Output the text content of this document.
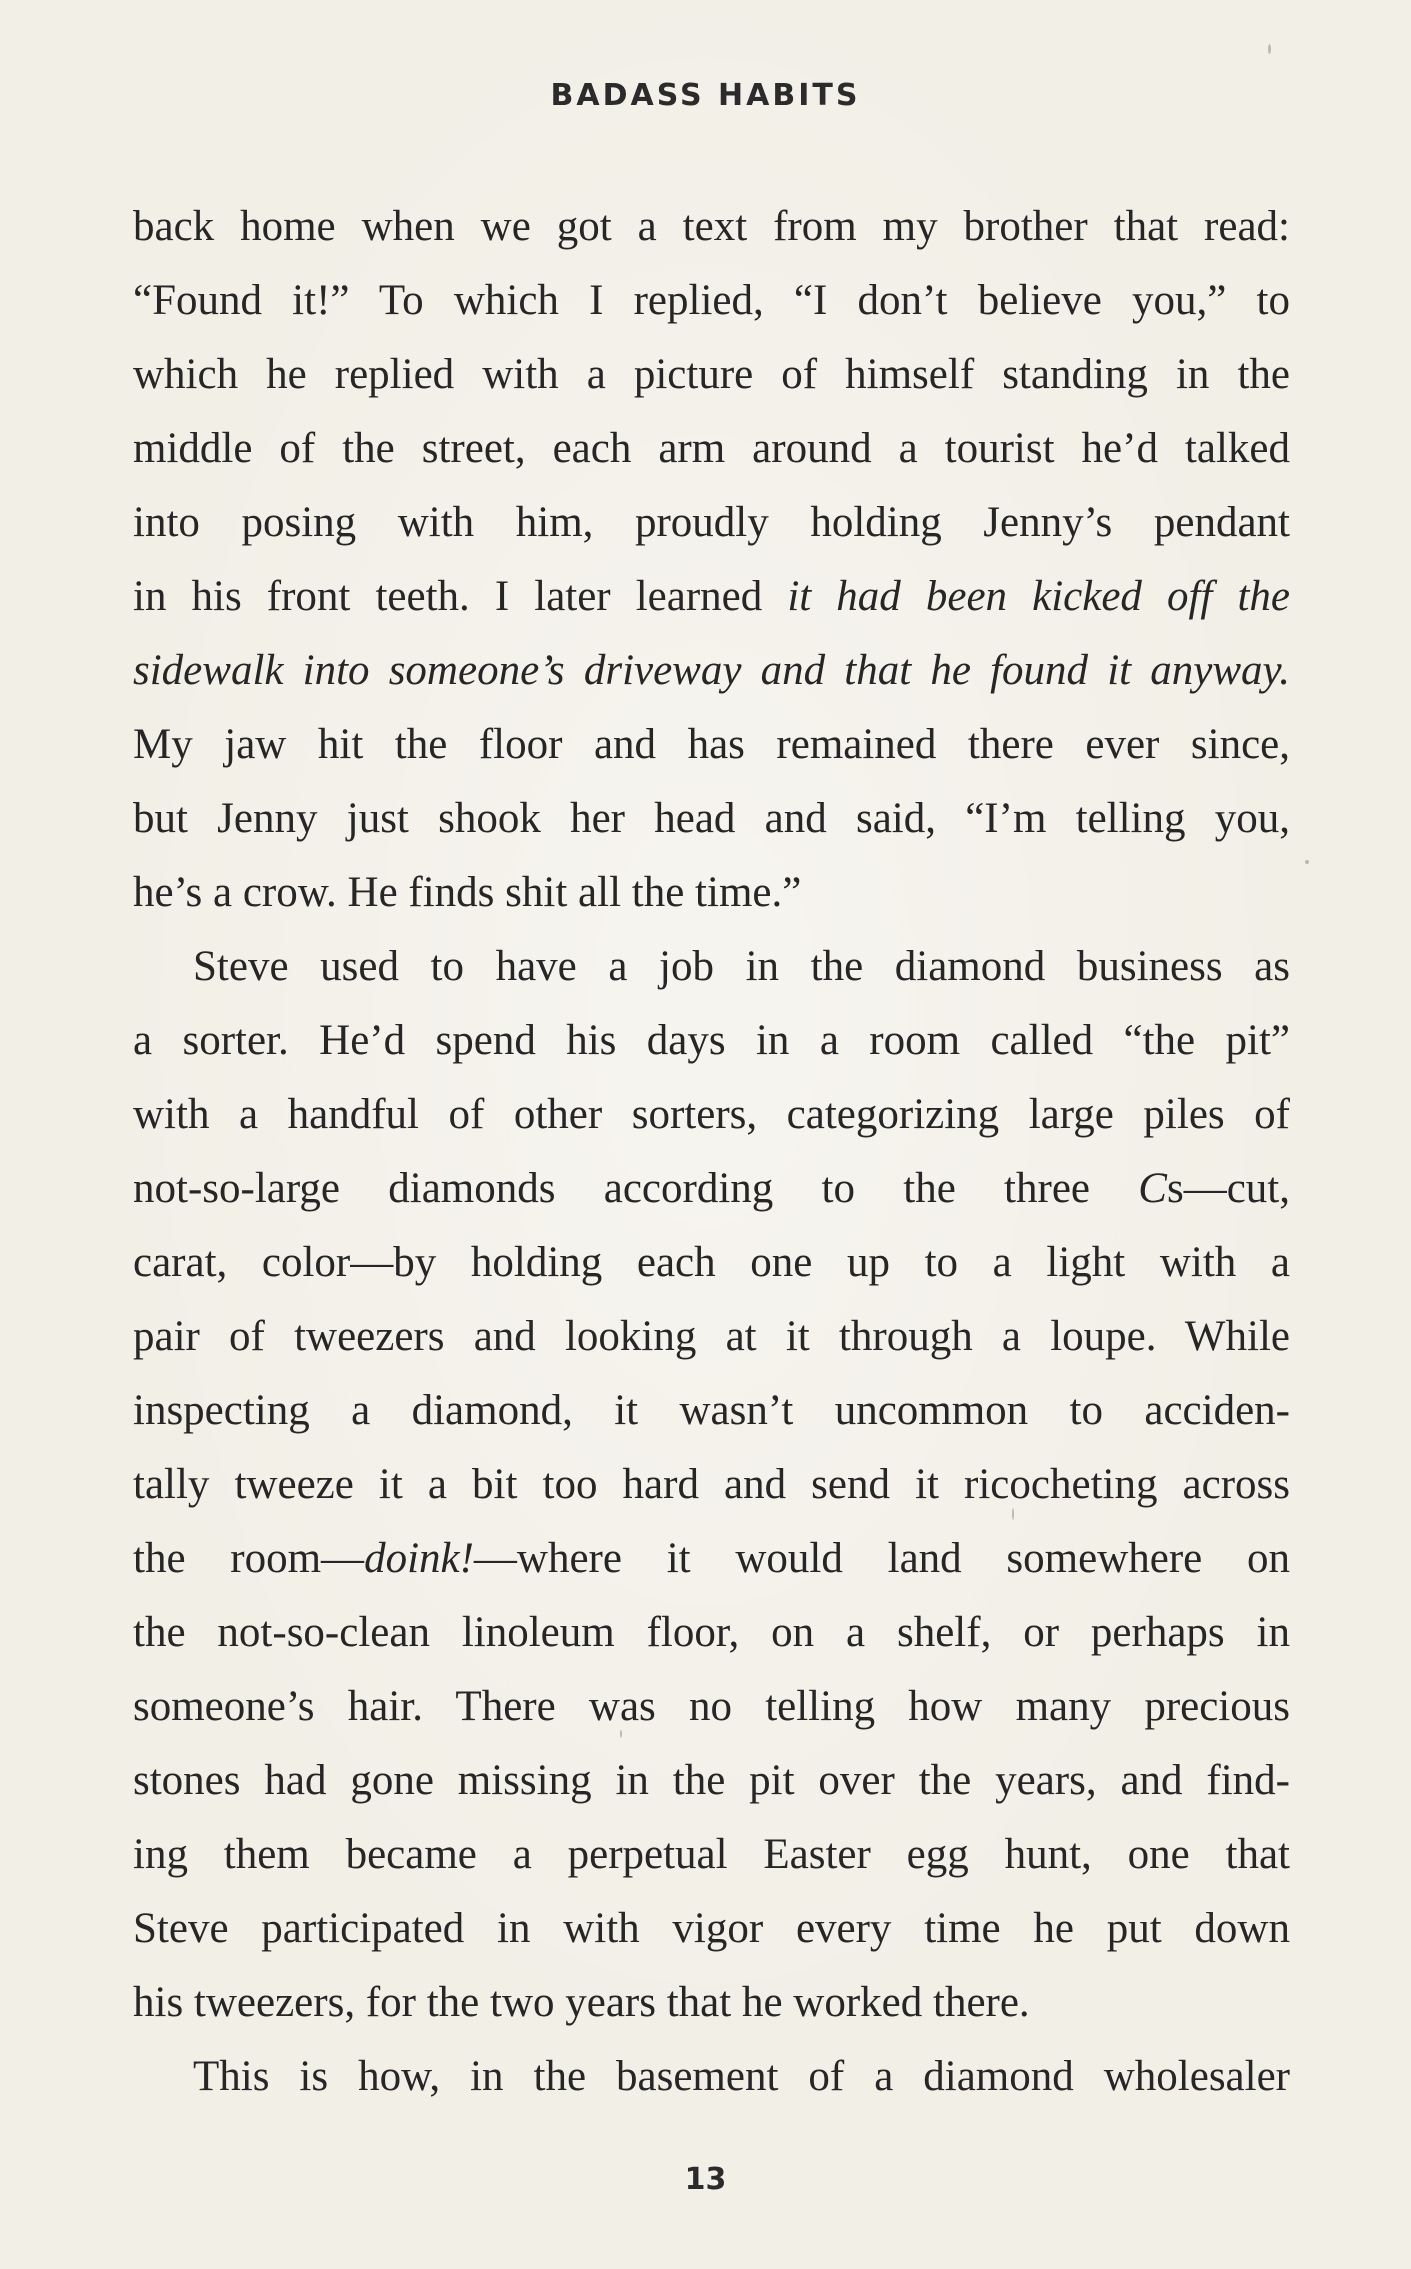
BADASS HABITS
back home when we got a text from my brother that read:
“Found it!” To which I replied, “I don’t believe you,” to
which he replied with a picture of himself standing in the
middle of the street, each arm around a tourist he’d talked
into posing with him, proudly holding Jenny’s pendant
in his front teeth. I later learned it had been kicked off the
sidewalk into someone’s driveway and that he found it anyway.
My jaw hit the floor and has remained there ever since,
but Jenny just shook her head and said, “I’m telling you,
he’s a crow. He finds shit all the time.”
Steve used to have a job in the diamond business as
a sorter. He’d spend his days in a room called “the pit”
with a handful of other sorters, categorizing large piles of
not-so-large diamonds according to the three Cs—cut,
carat, color—by holding each one up to a light with a
pair of tweezers and looking at it through a loupe. While
inspecting a diamond, it wasn’t uncommon to acciden-
tally tweeze it a bit too hard and send it ricocheting across
the room—doink!—where it would land somewhere on
the not-so-clean linoleum floor, on a shelf, or perhaps in
someone’s hair. There was no telling how many precious
stones had gone missing in the pit over the years, and find-
ing them became a perpetual Easter egg hunt, one that
Steve participated in with vigor every time he put down
his tweezers, for the two years that he worked there.
This is how, in the basement of a diamond wholesaler
13
